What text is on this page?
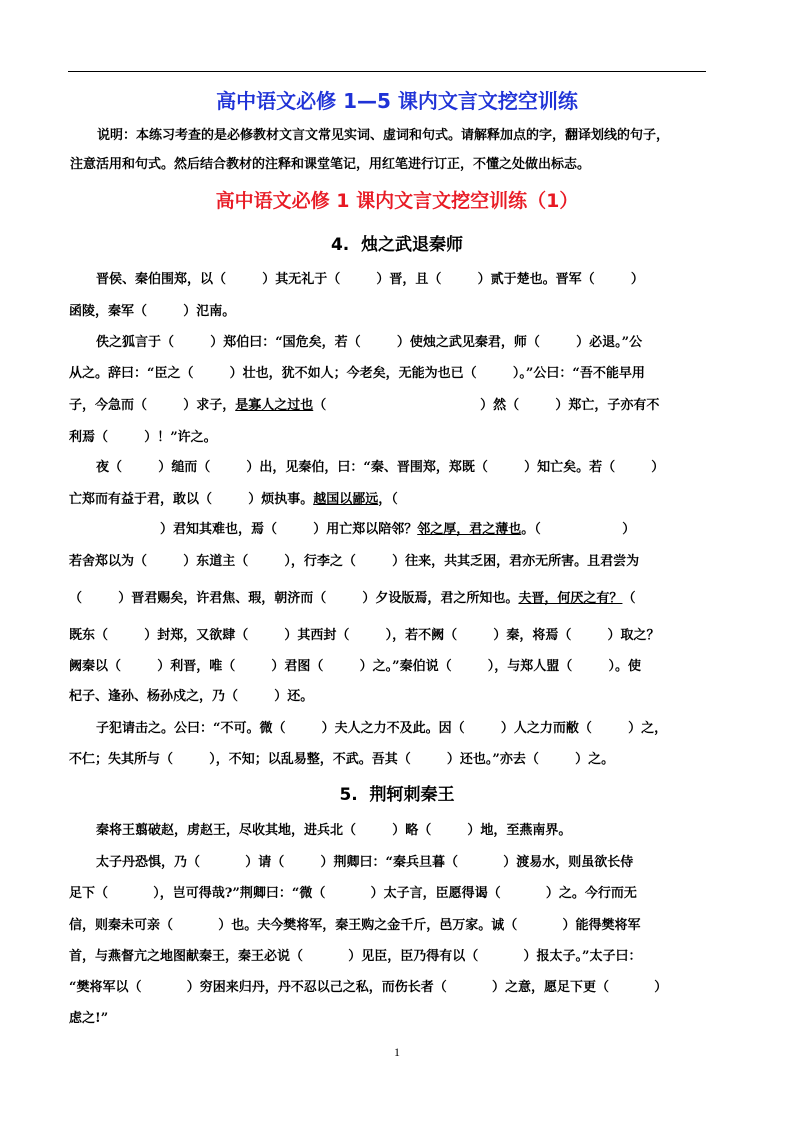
高中语文必修 1—5 课内文言文挖空训练
说明：本练习考查的是必修教材文言文常见实词、虚词和句式。请解释加点的字，翻译划线的句子，
注意活用和句式。然后结合教材的注释和课堂笔记，用红笔进行订正，不懂之处做出标志。
高中语文必修 1 课内文言文挖空训练（1）
4.  烛之武退秦师
晋侯、秦伯围郑，以（        ）其无礼于（        ）晋，且（        ）贰于楚也。晋军（        ）
函陵，秦军（        ）氾南。
佚之狐言于（        ）郑伯曰：“国危矣，若（        ）使烛之武见秦君，师（        ）必退。”公
从之。辞曰：“臣之（        ）壮也，犹不如人；今老矣，无能为也已（        ）。”公曰：“吾不能早用
子，今急而（        ）求子，是寡人之过也（                                  ）然（        ）郑亡，子亦有不
利焉（        ）！”许之。
夜（        ）缒而（        ）出，见秦伯，曰：“秦、晋围郑，郑既（        ）知亡矣。若（        ）
亡郑而有益于君，敢以（        ）烦执事。越国以鄙远，（
）君知其难也，焉（        ）用亡郑以陪邻？邻之厚，君之薄也。（                  ）
若舍郑以为（        ）东道主（        ），行李之（        ）往来，共其乏困，君亦无所害。且君尝为
（        ）晋君赐矣，许君焦、瑕，朝济而（        ）夕设版焉，君之所知也。夫晋，何厌之有？（
既东（        ）封郑，又欲肆（        ）其西封（        ），若不阙（        ）秦，将焉（        ）取之？
阙秦以（        ）利晋，唯（        ）君图（        ）之。”秦伯说（        ），与郑人盟（        ）。使
杞子、逢孙、杨孙戍之，乃（        ）还。
子犯请击之。公曰：“不可。微（        ）夫人之力不及此。因（        ）人之力而敝（        ）之，
不仁；失其所与（        ），不知；以乱易整，不武。吾其（        ）还也。”亦去（        ）之。
5.  荆轲刺秦王
秦将王翦破赵，虏赵王，尽收其地，进兵北（        ）略（        ）地，至燕南界。
太子丹恐惧，乃（          ）请（        ）荆卿曰：“秦兵旦暮（          ）渡易水，则虽欲长侍
足下（          ），岂可得哉?”荆卿曰：“微（          ）太子言，臣愿得谒（          ）之。今行而无
信，则秦未可亲（          ）也。夫今樊将军，秦王购之金千斤，邑万家。诚（          ）能得樊将军
首，与燕督亢之地图献秦王，秦王必说（          ）见臣，臣乃得有以（          ）报太子。”太子曰：
“樊将军以（          ）穷困来归丹，丹不忍以己之私，而伤长者（          ）之意，愿足下更（          ）
虑之!”
1
